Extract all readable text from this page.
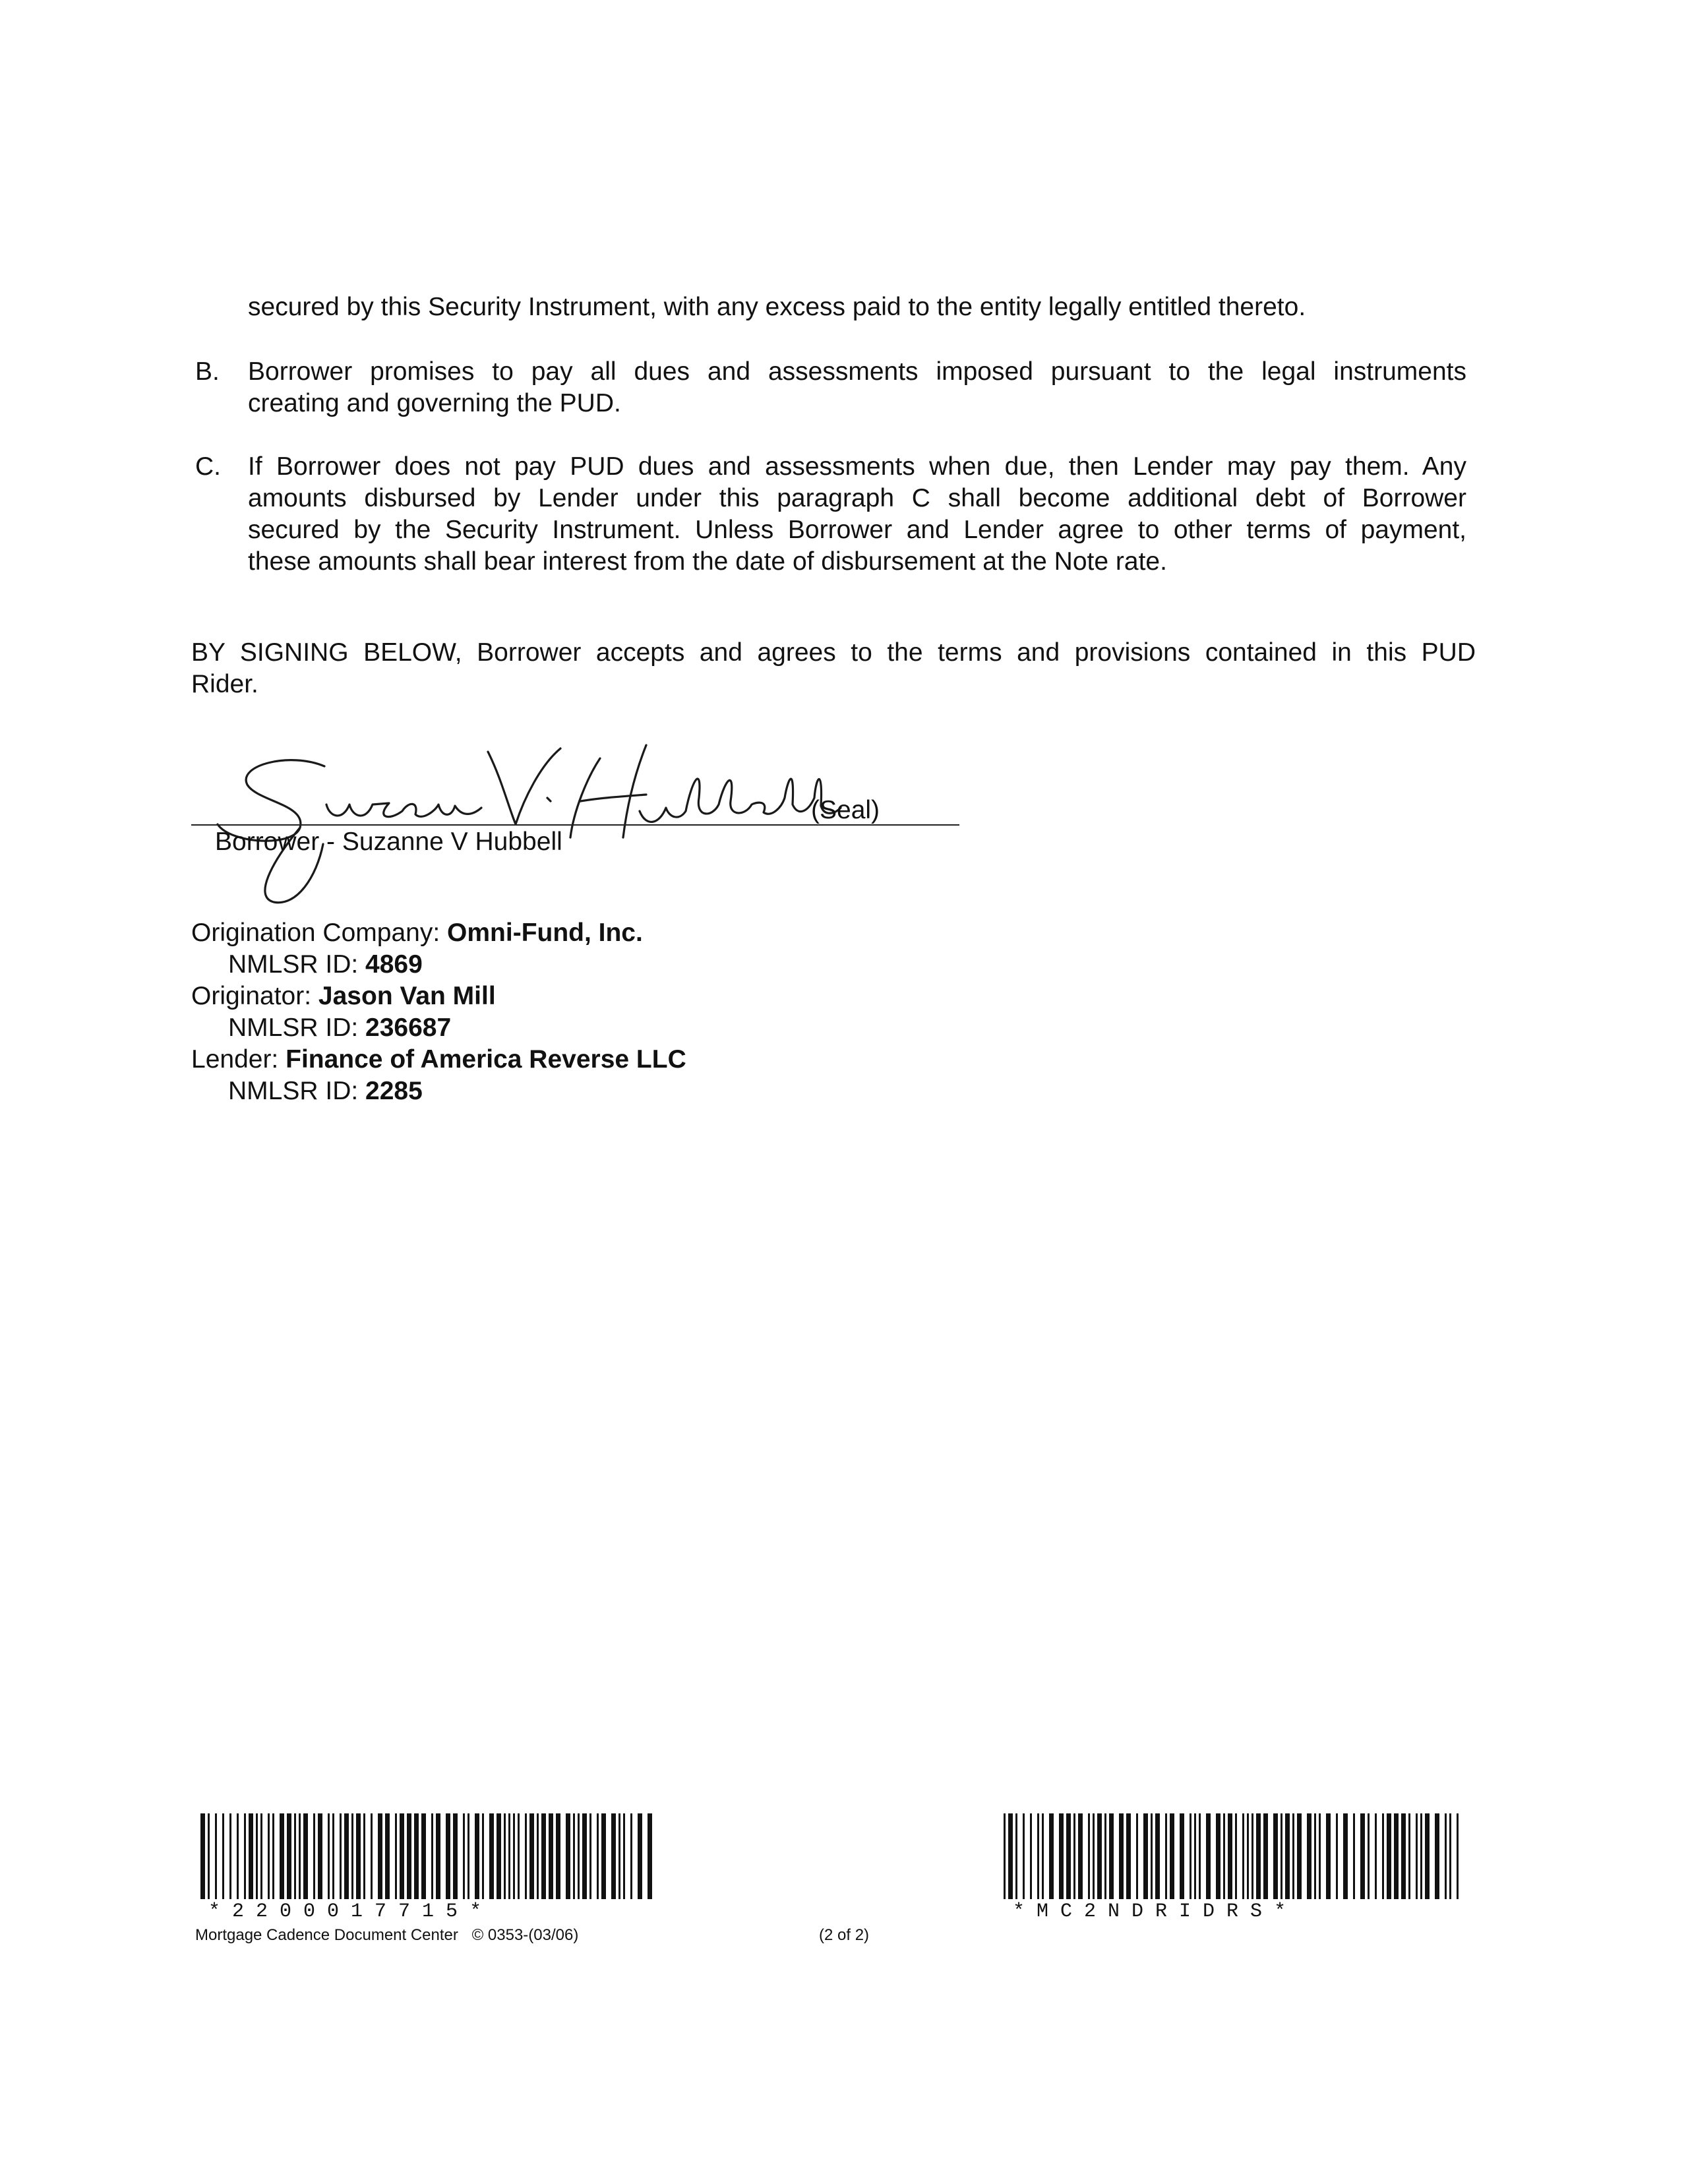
secured by this Security Instrument, with any excess paid to the entity legally entitled thereto.

B. Borrower promises to pay all dues and assessments imposed pursuant to the legal instruments
creating and governing the PUD.
C. If Borrower does not pay PUD dues and assessments when due, then Lender may pay them. Any
amounts disbursed by Lender under this paragraph C shall become additional debt of Borrower
secured by the Security Instrument. Unless Borrower and Lender agree to other terms of payment,
these amounts shall bear interest from the date of disbursement at the Note rate.
BY SIGNING BELOW, Borrower accepts and agrees to the terms and provisions contained in this PUD
Rider.
(Seal)
Borrower - Suzanne V Hubbell
Origination Company: Omni-Fund, Inc.
NMLSR ID: 4869
Originator: Jason Van Mill
NMLSR ID: 236687
Lender: Finance of America Reverse LLC
NMLSR ID: 2285
* 2 2 0 0 0 1 7 7 1 5 *	* M C 2 N D R I D R S *
Mortgage Cadence Document Center © 0353-(03/06)	(2 of 2)
